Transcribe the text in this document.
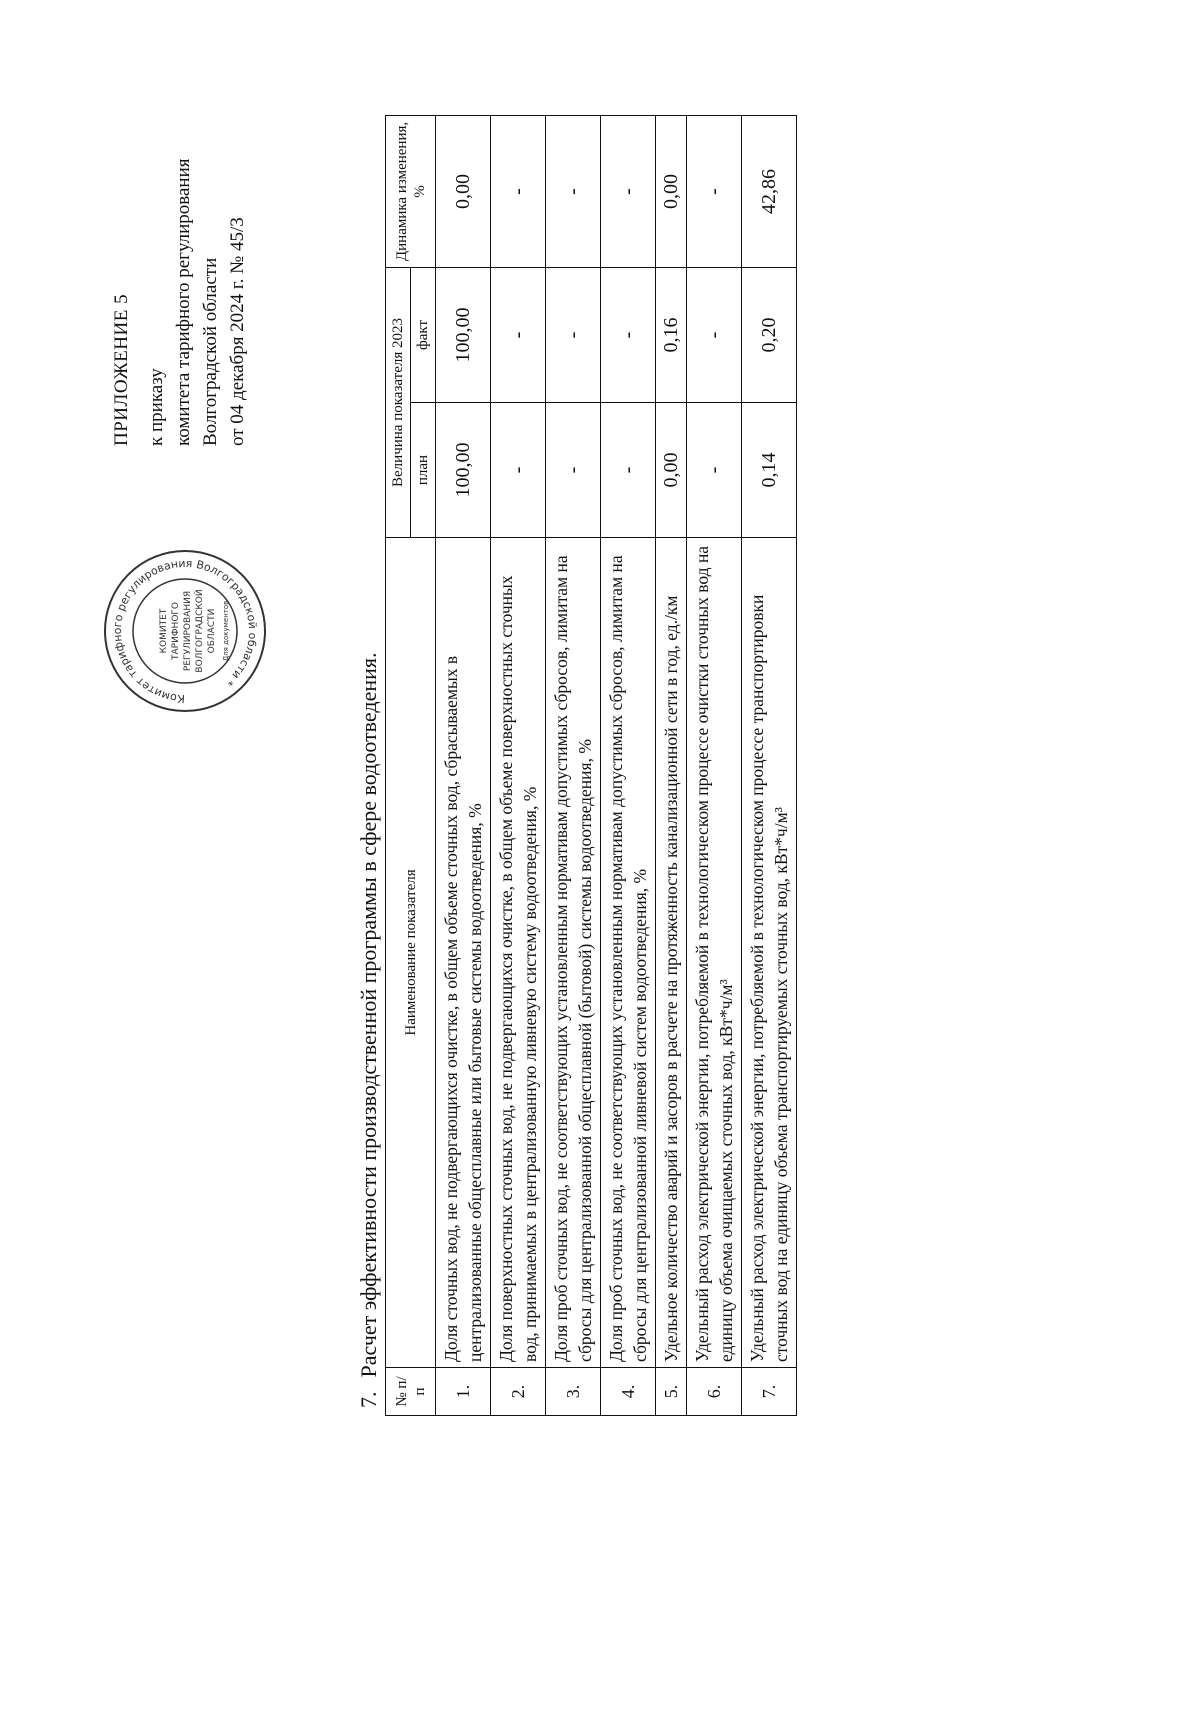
Комитет тарифного регулирования Волгоградской области *
КОМИТЕТ ТАРИФНОГО РЕГУЛИРОВАНИЯ ВОЛГОГРАДСКОЙ ОБЛАСТИ Для документов
ПРИЛОЖЕНИЕ 5 к приказу комитета тарифного регулирования Волгоградской области от 04 декабря 2024 г. № 45/3
7.Расчет эффективности производственной программы в сфере водоотведения.
№ п/п	Наименование показателя	Величина показателя 2023		Динамика изменения, %
		план	факт	
1.	Доля сточных вод, не подвергающихся очистке, в общем объеме сточных вод, сбрасываемых в централизованные общесплавные или бытовые системы водоотведения, %	100,00	100,00	0,00
2.	Доля поверхностных сточных вод, не подвергающихся очистке, в общем объеме поверхностных сточных вод, принимаемых в централизованную ливневую систему водоотведения, %	-	-	-
3.	Доля проб сточных вод, не соответствующих установленным нормативам допустимых сбросов, лимитам на сбросы для централизованной общесплавной (бытовой) системы водоотведения, %	-	-	-
4.	Доля проб сточных вод, не соответствующих установленным нормативам допустимых сбросов, лимитам на сбросы для централизованной ливневой систем водоотведения, %	-	-	-
5.	Удельное количество аварий и засоров в расчете на протяженность канализационной сети в год, ед./км	0,00	0,16	0,00
6.	Удельный расход электрической энергии, потребляемой в технологическом процессе очистки сточных вод на единицу объема очищаемых сточных вод, кВт*ч/м³	-	-	-
7.	Удельный расход электрической энергии, потребляемой в технологическом процессе транспортировки сточных вод на единицу объема транспортируемых сточных вод, кВт*ч/м³	0,14	0,20	42,86
